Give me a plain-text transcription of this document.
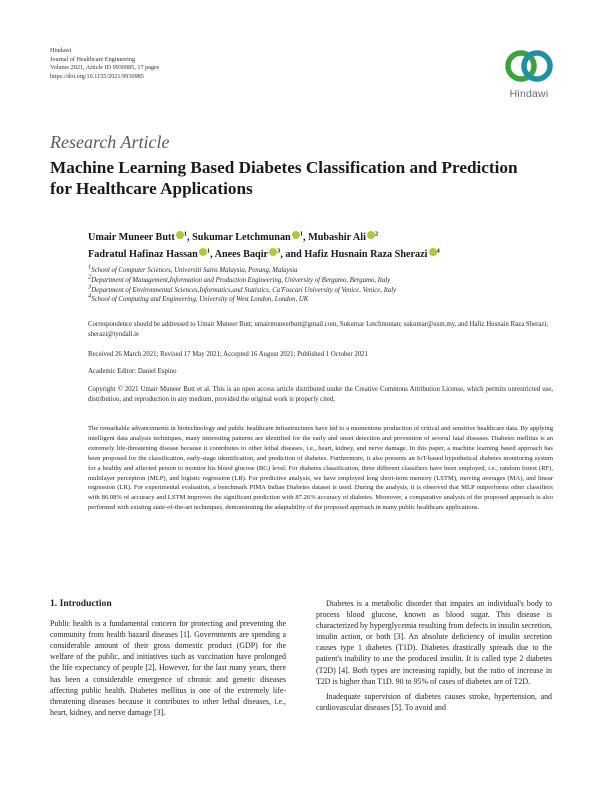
Hindawi
Journal of Healthcare Engineering
Volume 2021, Article ID 9930985, 17 pages
https://doi.org/10.1155/2021/9930985
Hindawi
Research Article
Machine Learning Based Diabetes Classification and Prediction for Healthcare Applications
Umair Muneer Butt $^1$, Sukumar Letchmunan $^1$, Mubashir Ali $^2$
Fadratul Hafinaz Hassan $^1$, Anees Baqir $^3$, and Hafiz Husnain Raza Sherazi $^4$
$^1$School of Computer Sciences, Universiti Sains Malaysia, Penang, Malaysia
$^2$Department of Management,Information and Production Engineering, University of Bergamo, Bergamo, Italy
$^3$Department of Environmental Sciences,Informatics,and Statistics, Ca'Foscari University of Venice, Venice, Italy
$^4$School of Computing and Engineering, University of West London, London, UK
Correspondence should be addressed to Umair Muneer Butt; umairmuneerbutt@gmail.com, Sukumar Letchmunan; sukumar@usm.my, and Hafiz Husnain Raza Sherazi; sherazi@tyndall.ie
Received 26 March 2021; Revised 17 May 2021; Accepted 16 August 2021; Published 1 October 2021
Academic Editor: Daniel Espino
Copyright © 2021 Umair Muneer Butt et al. This is an open access article distributed under the Creative Commons Attribution License, which permits unrestricted use, distribution, and reproduction in any medium, provided the original work is properly cited.
The remarkable advancements in biotechnology and public healthcare infrastructures have led to a momentous production of critical and sensitive healthcare data. By applying intelligent data analysis techniques, many interesting patterns are identified for the early and onset detection and prevention of several fatal diseases. Diabetes mellitus is an extremely life-threatening disease because it contributes to other lethal diseases, i.e., heart, kidney, and nerve damage. In this paper, a machine learning based approach has been proposed for the classification, early-stage identification, and prediction of diabetes. Furthermore, it also presents an IoT-based hypothetical diabetes monitoring system for a healthy and affected person to monitor his blood glucose (BG) level. For diabetes classification, three different classifiers have been employed, i.e., random forest (RF), multilayer perceptron (MLP), and logistic regression (LR). For predictive analysis, we have employed long short-term memory (LSTM), moving averages (MA), and linear regression (LR). For experimental evaluation, a benchmark PIMA Indian Diabetes dataset is used. During the analysis, it is observed that MLP outperforms other classifiers with 86.08% of accuracy and LSTM improves the significant prediction with 87.26% accuracy of diabetes. Moreover, a comparative analysis of the proposed approach is also performed with existing state-of-the-art techniques, demonstrating the adaptability of the proposed approach in many public healthcare applications.
1. Introduction

Public health is a fundamental concern for protecting and preventing the community from health hazard diseases [1]. Governments are spending a considerable amount of their gross domestic product (GDP) for the welfare of the public, and initiatives such as vaccination have prolonged the life expectancy of people [2]. However, for the last many years, there has been a considerable emergence of chronic and genetic diseases affecting public health. Diabetes mellitus is one of the extremely life-threatening diseases because it contributes to other lethal diseases, i.e., heart, kidney, and nerve damage [3].

Diabetes is a metabolic disorder that impairs an individual's body to process blood glucose, known as blood sugar. This disease is characterized by hyperglycemia resulting from defects in insulin secretion, insulin action, or both [3]. An absolute deficiency of insulin secretion causes type 1 diabetes (T1D). Diabetes drastically spreads due to the patient's inability to use the produced insulin. It is called type 2 diabetes (T2D) [4]. Both types are increasing rapidly, but the ratio of increase in T2D is higher than T1D. 90 to 95% of cases of diabetes are of T2D.

Inadequate supervision of diabetes causes stroke, hypertension, and cardiovascular diseases [5]. To avoid and
